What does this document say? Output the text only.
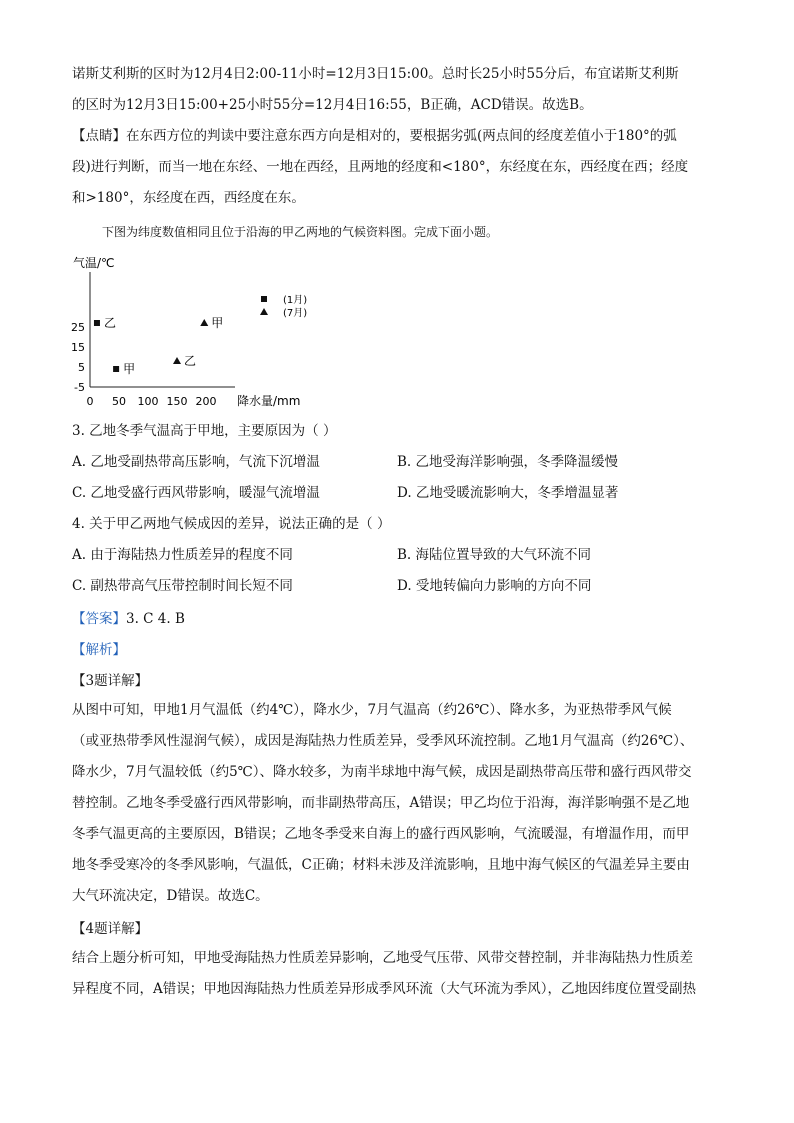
诺斯艾利斯的区时为12月4日2:00-11小时=12月3日15:00。总时长25小时55分后，布宜诺斯艾利斯
的区时为12月3日15:00+25小时55分=12月4日16:55，B正确，ACD错误。故选B。
【点睛】在东西方位的判读中要注意东西方向是相对的，要根据劣弧(两点间的经度差值小于180°的弧
段)进行判断，而当一地在东经、一地在西经，且两地的经度和<180°，东经度在东，西经度在西；经度
和>180°，东经度在西，西经度在东。
下图为纬度数值相同且位于沿海的甲乙两地的气候资料图。完成下面小题。
气温/℃
降水量/mm
-5
5
15
25
0 50 100 150 200
乙
甲
甲
乙
(1月)
(7月)
3. 乙地冬季气温高于甲地，主要原因为（ ）
A. 乙地受副热带高压影响，气流下沉增温	B. 乙地受海洋影响强，冬季降温缓慢
C. 乙地受盛行西风带影响，暖湿气流增温	D. 乙地受暖流影响大，冬季增温显著
4. 关于甲乙两地气候成因的差异，说法正确的是（ ）
A. 由于海陆热力性质差异的程度不同	B. 海陆位置导致的大气环流不同
C. 副热带高气压带控制时间长短不同	D. 受地转偏向力影响的方向不同
【答案】3. C 4. B
【解析】
【3题详解】
从图中可知，甲地1月气温低（约4℃），降水少，7月气温高（约26℃）、降水多，为亚热带季风气候
（或亚热带季风性湿润气候），成因是海陆热力性质差异，受季风环流控制。乙地1月气温高（约26℃）、
降水少，7月气温较低（约5℃）、降水较多，为南半球地中海气候，成因是副热带高压带和盛行西风带交
替控制。乙地冬季受盛行西风带影响，而非副热带高压，A错误；甲乙均位于沿海，海洋影响强不是乙地
冬季气温更高的主要原因，B错误；乙地冬季受来自海上的盛行西风影响，气流暖湿，有增温作用，而甲
地冬季受寒冷的冬季风影响，气温低，C正确；材料未涉及洋流影响，且地中海气候区的气温差异主要由
大气环流决定，D错误。故选C。
【4题详解】
结合上题分析可知，甲地受海陆热力性质差异影响，乙地受气压带、风带交替控制，并非海陆热力性质差
异程度不同，A错误；甲地因海陆热力性质差异形成季风环流（大气环流为季风），乙地因纬度位置受副热
